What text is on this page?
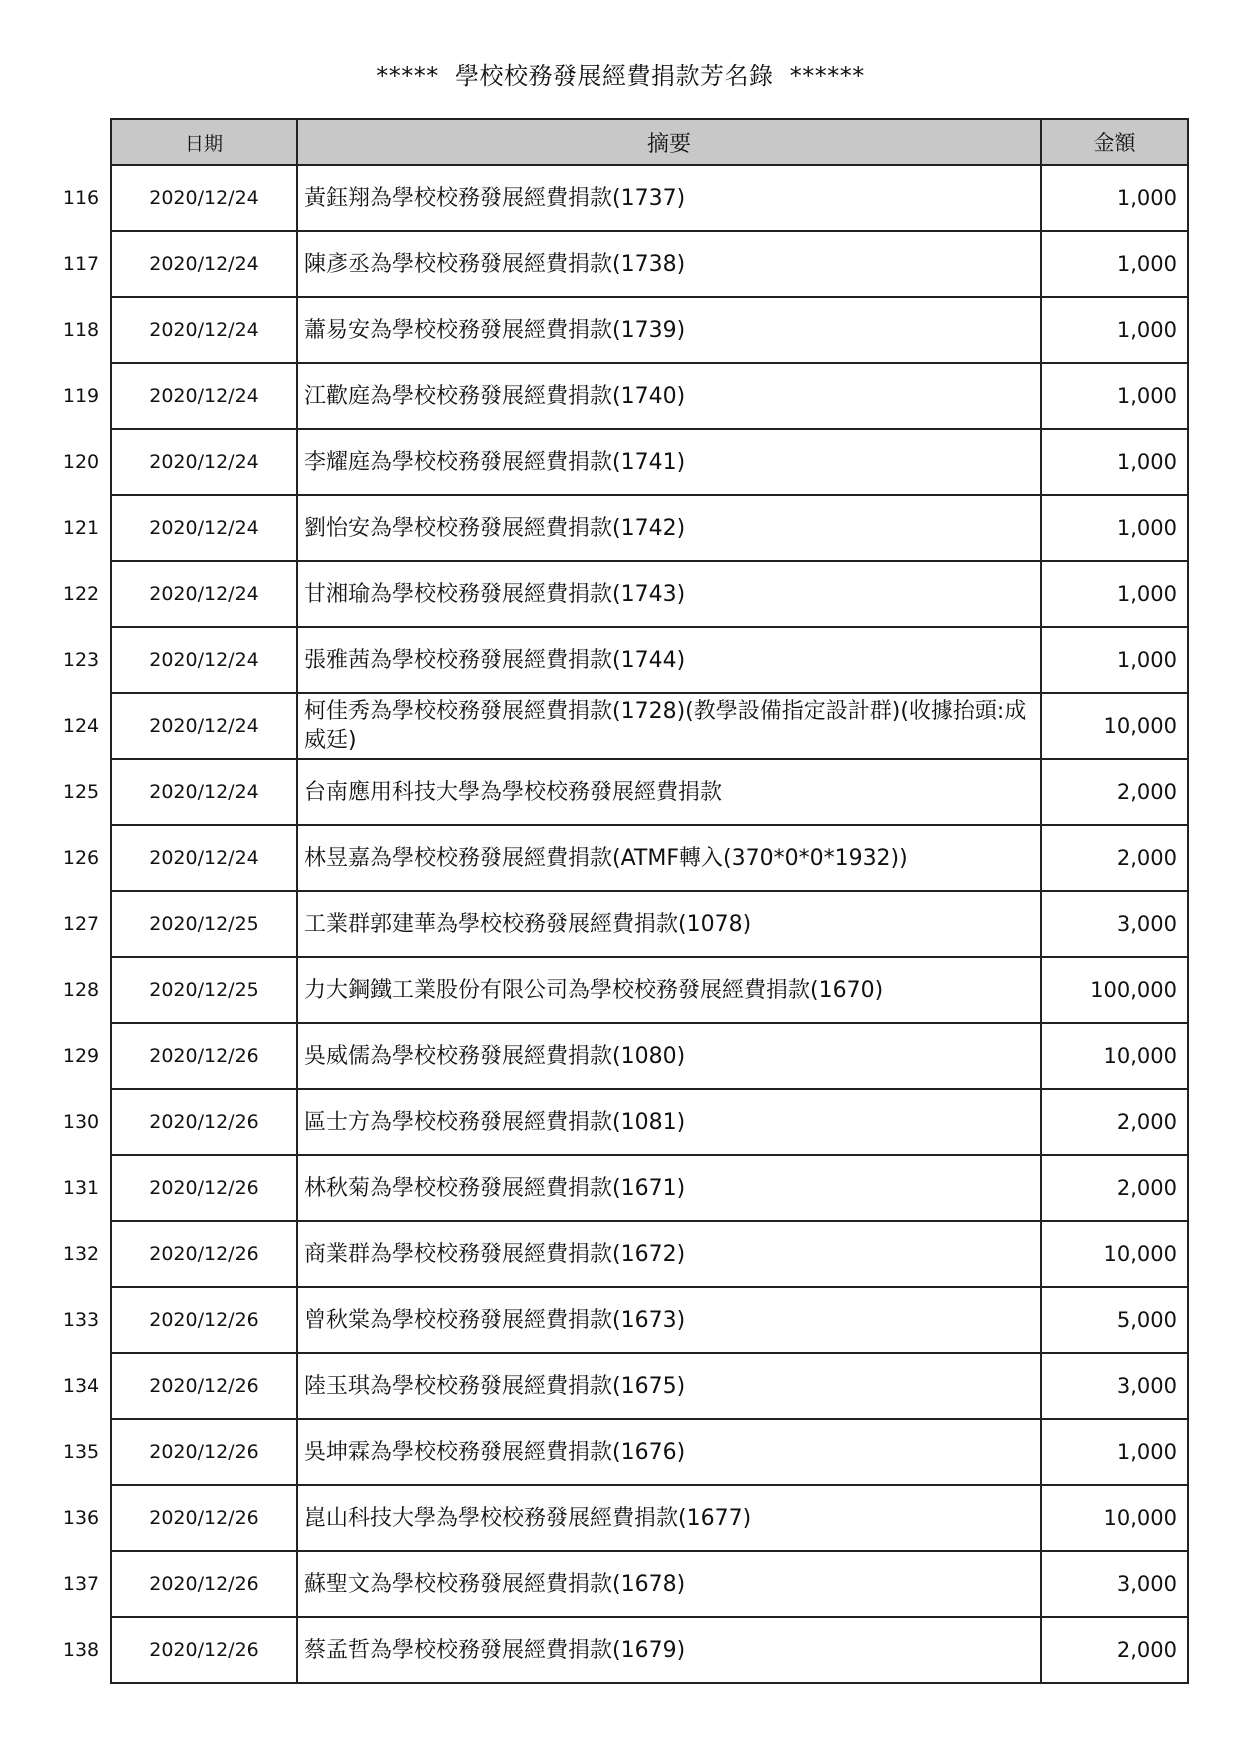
*****  學校校務發展經費捐款芳名錄  ******
	日期	摘要	金額
116	2020/12/24	黃鈺翔為學校校務發展經費捐款(1737)	1,000
117	2020/12/24	陳彥丞為學校校務發展經費捐款(1738)	1,000
118	2020/12/24	蕭易安為學校校務發展經費捐款(1739)	1,000
119	2020/12/24	江歡庭為學校校務發展經費捐款(1740)	1,000
120	2020/12/24	李耀庭為學校校務發展經費捐款(1741)	1,000
121	2020/12/24	劉怡安為學校校務發展經費捐款(1742)	1,000
122	2020/12/24	甘湘瑜為學校校務發展經費捐款(1743)	1,000
123	2020/12/24	張雅茜為學校校務發展經費捐款(1744)	1,000
124	2020/12/24	柯佳秀為學校校務發展經費捐款(1728)(教學設備指定設計群)(收據抬頭:成威廷)	10,000
125	2020/12/24	台南應用科技大學為學校校務發展經費捐款	2,000
126	2020/12/24	林昱嘉為學校校務發展經費捐款(ATMF轉入(370*0*0*1932))	2,000
127	2020/12/25	工業群郭建華為學校校務發展經費捐款(1078)	3,000
128	2020/12/25	力大鋼鐵工業股份有限公司為學校校務發展經費捐款(1670)	100,000
129	2020/12/26	吳威儒為學校校務發展經費捐款(1080)	10,000
130	2020/12/26	區士方為學校校務發展經費捐款(1081)	2,000
131	2020/12/26	林秋菊為學校校務發展經費捐款(1671)	2,000
132	2020/12/26	商業群為學校校務發展經費捐款(1672)	10,000
133	2020/12/26	曾秋棠為學校校務發展經費捐款(1673)	5,000
134	2020/12/26	陸玉琪為學校校務發展經費捐款(1675)	3,000
135	2020/12/26	吳坤霖為學校校務發展經費捐款(1676)	1,000
136	2020/12/26	崑山科技大學為學校校務發展經費捐款(1677)	10,000
137	2020/12/26	蘇聖文為學校校務發展經費捐款(1678)	3,000
138	2020/12/26	蔡孟哲為學校校務發展經費捐款(1679)	2,000
